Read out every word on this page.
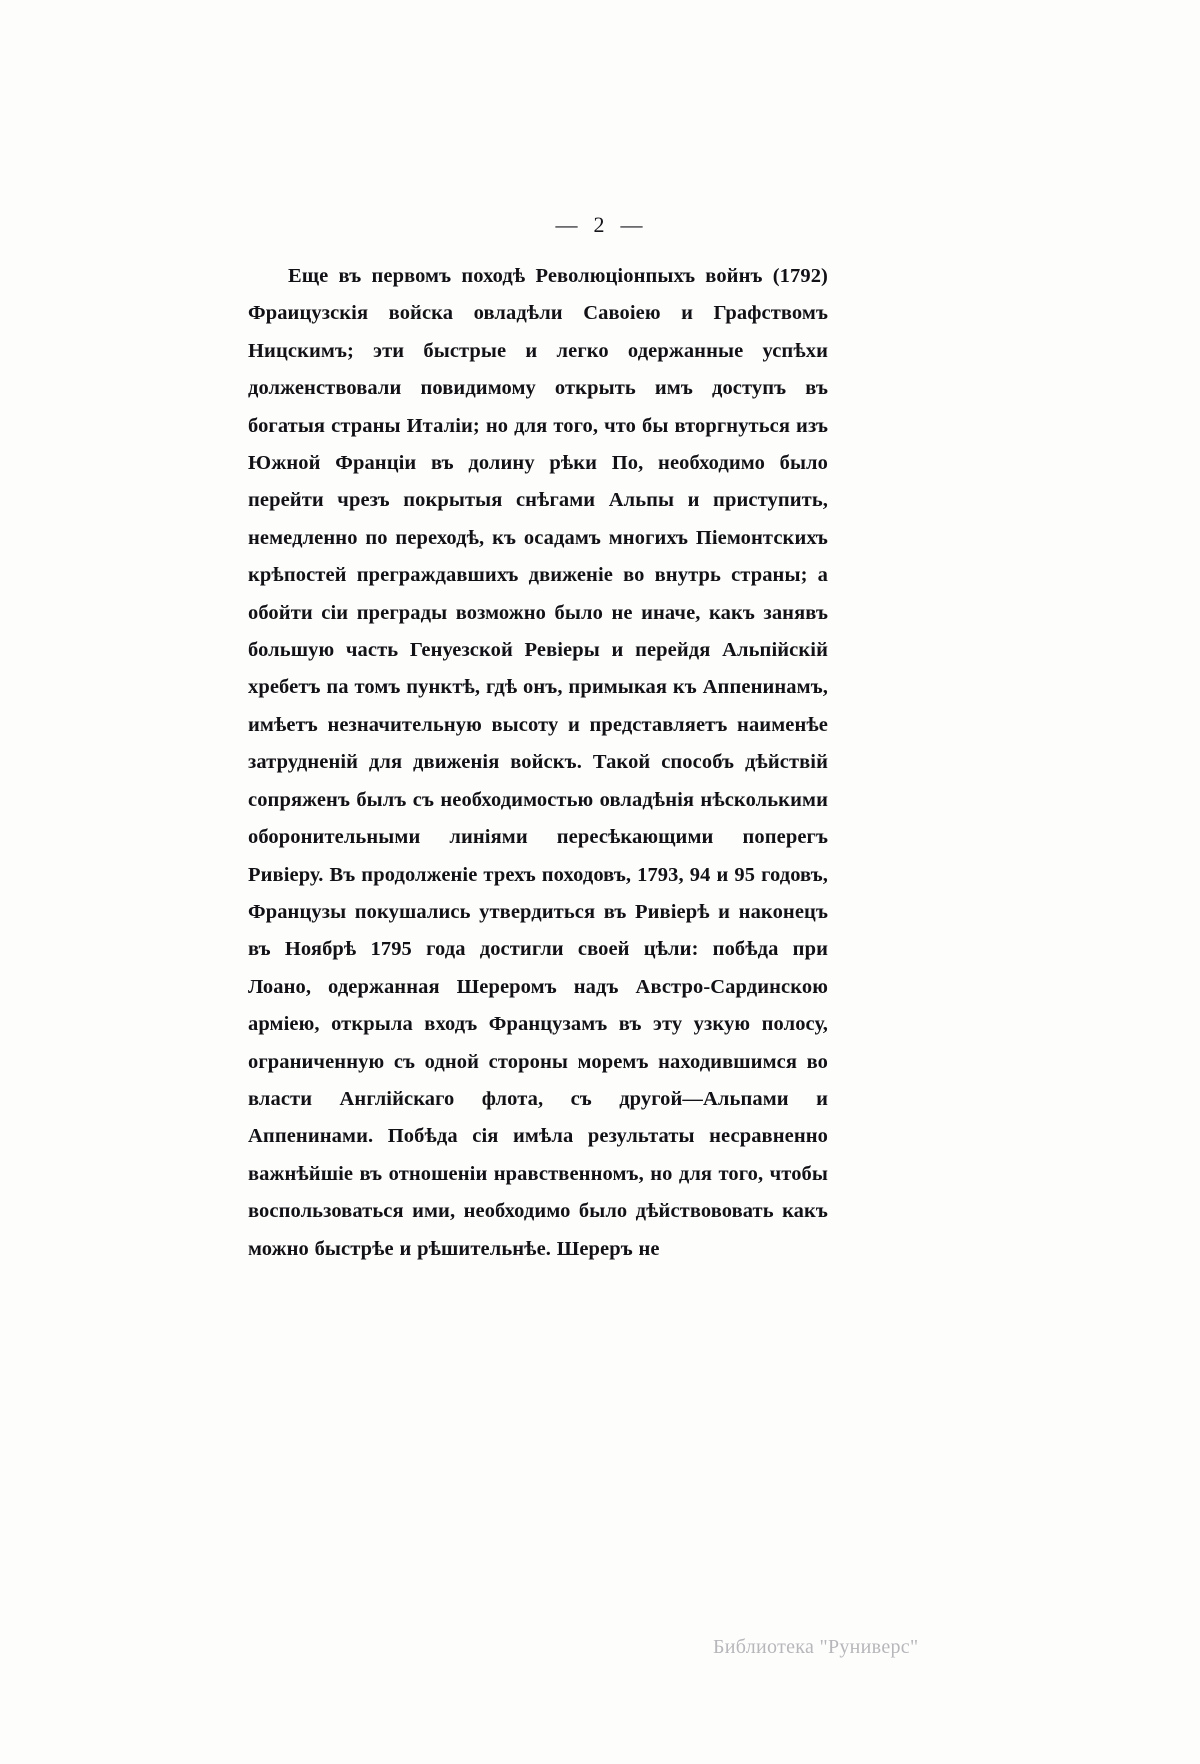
— 2 —

Еще въ первомъ походѣ Революціонпыхъ войнъ (1792) Фраицузскія войска овладѣли Савоіею и Графствомъ Ницскимъ; эти быстрые и легко одержанные успѣхи долженствовали повидимому открыть имъ доступъ въ богатыя страны Италіи; но для того, что бы вторгнуться изъ Южной Франціи въ долину рѣки По, необходимо было перейти чрезъ покрытыя снѣгами Альпы и приступить, немедленно по переходѣ, къ осадамъ многихъ Піемонтскихъ крѣпостей преграждавшихъ движеніе во внутрь страны; а обойти сіи преграды возможно было не иначе, какъ занявъ большую часть Генуезской Ревіеры и перейдя Альпійскій хребетъ па томъ пунктѣ, гдѣ онъ, примыкая къ Аппенинамъ, имѣетъ незначительную высоту и представляетъ наименѣе затрудненій для движенія войскъ. Такой способъ дѣйствій сопряженъ былъ съ необходимостью овладѣнія нѣсколькими оборонительными линіями пересѣкающими поперегъ Ривіеру. Въ продолженіе трехъ походовъ, 1793, 94 и 95 годовъ, Французы покушались утвердиться въ Ривіерѣ и наконецъ въ Ноябрѣ 1795 года достигли своей цѣли: побѣда при Лоано, одержанная Шереромъ надъ Австро-Сардинскою арміею, открыла входъ Французамъ въ эту узкую полосу, ограниченную съ одной стороны моремъ находившимся во власти Англійскаго флота, съ другой—Альпами и Аппенинами. Побѣда сія имѣла результаты несравненно важнѣйшіе въ отношеніи нравственномъ, но для того, чтобы воспользоваться ими, необходимо было дѣйствововать какъ можно быстрѣе и рѣшительнѣе. Шереръ не

Библиотека "Руниверс"
